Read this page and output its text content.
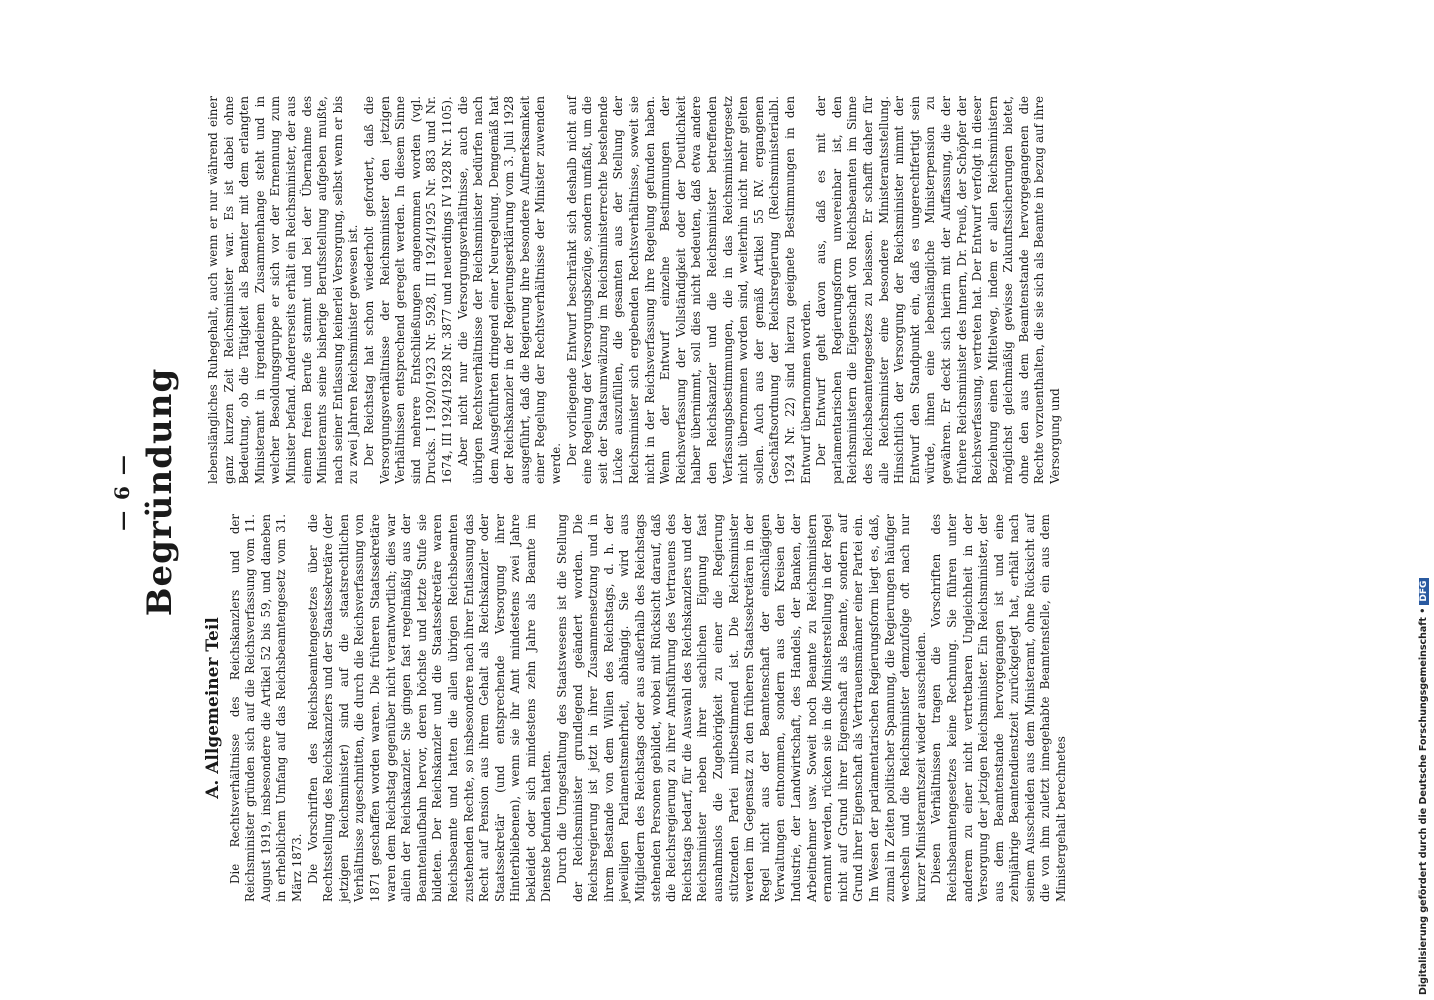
— 6 — Begründung
A. Allgemeiner Teil Die Rechtsverhältnisse des Reichskanzlers und der Reichsminister gründen sich auf die Reichsverfassung vom 11. August 1919, insbesondere die Artikel 52 bis 59, und daneben in erheblichem Umfang auf das Reichsbeamtengesetz vom 31. März 1873. Die Vorschriften des Reichsbeamtengesetzes über die Rechtsstellung des Reichskanzlers und der Staatssekretäre (der jetzigen Reichsminister) sind auf die staatsrechtlichen Verhältnisse zugeschnitten, die durch die Reichsverfassung von 1871 geschaffen worden waren. Die früheren Staatssekretäre waren dem Reichstag gegenüber nicht verantwortlich; dies war allein der Reichskanzler. Sie gingen fast regelmäßig aus der Beamtenlaufbahn hervor, deren höchste und letzte Stufe sie bildeten. Der Reichskanzler und die Staatssekretäre waren Reichsbeamte und hatten die allen übrigen Reichsbeamten zustehenden Rechte, so insbesondere nach ihrer Entlassung das Recht auf Pension aus ihrem Gehalt als Reichskanzler oder Staatssekretär (und entsprechende Versorgung ihrer Hinterbliebenen), wenn sie ihr Amt mindestens zwei Jahre bekleidet oder sich mindestens zehn Jahre als Beamte im Dienste befunden hatten. Durch die Umgestaltung des Staatswesens ist die Stellung der Reichsminister grundlegend geändert worden. Die Reichsregierung ist jetzt in ihrer Zusammensetzung und in ihrem Bestande von dem Willen des Reichstags, d. h. der jeweiligen Parlamentsmehrheit, abhängig. Sie wird aus Mitgliedern des Reichstags oder aus außerhalb des Reichstags stehenden Personen gebildet, wobei mit Rücksicht darauf, daß die Reichsregierung zu ihrer Amtsführung des Vertrauens des Reichstags bedarf, für die Auswahl des Reichskanzlers und der Reichsminister neben ihrer sachlichen Eignung fast ausnahmslos die Zugehörigkeit zu einer die Regierung stützenden Partei mitbestimmend ist. Die Reichsminister werden im Gegensatz zu den früheren Staatssekretären in der Regel nicht aus der Beamtenschaft der einschlägigen Verwaltungen entnommen, sondern aus den Kreisen der Industrie, der Landwirtschaft, des Handels, der Banken, der Arbeitnehmer usw. Soweit noch Beamte zu Reichsministern ernannt werden, rücken sie in die Ministerstellung in der Regel nicht auf Grund ihrer Eigenschaft als Beamte, sondern auf Grund ihrer Eigenschaft als Vertrauensmänner einer Partei ein. Im Wesen der parlamentarischen Regierungsform liegt es, daß, zumal in Zeiten politischer Spannung, die Regierungen häufiger wechseln und die Reichsminister demzufolge oft nach nur kurzer Ministeramtszeit wieder ausscheiden. Diesen Verhältnissen tragen die Vorschriften des Reichsbeamtengesetzes keine Rechnung. Sie führen unter anderem zu einer nicht vertretbaren Ungleichheit in der Versorgung der jetzigen Reichsminister. Ein Reichsminister, der aus dem Beamtenstande hervorgegangen ist und eine zehnjährige Beamtendienstzeit zurückgelegt hat, erhält nach seinem Ausscheiden aus dem Ministeramt, ohne Rücksicht auf die von ihm zuletzt innegehabte Beamtenstelle, ein aus dem Ministergehalt berechnetes

lebenslängliches Ruhegehalt, auch wenn er nur während einer ganz kurzen Zeit Reichsminister war. Es ist dabei ohne Bedeutung, ob die Tätigkeit als Beamter mit dem erlangten Ministeramt in irgendeinem Zusammenhange steht und in welcher Besoldungsgruppe er sich vor der Ernennung zum Minister befand. Andererseits erhält ein Reichsminister, der aus einem freien Berufe stammt und bei der Übernahme des Ministeramts seine bisherige Berufsstellung aufgeben mußte, nach seiner Entlassung keinerlei Versorgung, selbst wenn er bis zu zwei Jahren Reichsminister gewesen ist. Der Reichstag hat schon wiederholt gefordert, daß die Versorgungsverhältnisse der Reichsminister den jetzigen Verhältnissen entsprechend geregelt werden. In diesem Sinne sind mehrere Entschließungen angenommen worden (vgl. Drucks. I 1920/1923 Nr. 5928, III 1924/1925 Nr. 883 und Nr. 1674, III 1924/1928 Nr. 3877 und neuerdings IV 1928 Nr. 1105). Aber nicht nur die Versorgungsverhältnisse, auch die übrigen Rechtsverhältnisse der Reichsminister bedürfen nach dem Ausgeführten dringend einer Neuregelung. Demgemäß hat der Reichskanzler in der Regierungserklärung vom 3. Juli 1928 ausgeführt, daß die Regierung ihre besondere Aufmerksamkeit einer Regelung der Rechtsverhältnisse der Minister zuwenden werde. Der vorliegende Entwurf beschränkt sich deshalb nicht auf eine Regelung der Versorgungsbezüge, sondern umfaßt, um die seit der Staatsumwälzung im Reichsministerrechte bestehende Lücke auszufüllen, die gesamten aus der Stellung der Reichsminister sich ergebenden Rechtsverhältnisse, soweit sie nicht in der Reichsverfassung ihre Regelung gefunden haben. Wenn der Entwurf einzelne Bestimmungen der Reichsverfassung der Vollständigkeit oder der Deutlichkeit halber übernimmt, soll dies nicht bedeuten, daß etwa andere den Reichskanzler und die Reichsminister betreffenden Verfassungsbestimmungen, die in das Reichsministergesetz nicht übernommen worden sind, weiterhin nicht mehr gelten sollen. Auch aus der gemäß Artikel 55 RV. ergangenen Geschäftsordnung der Reichsregierung (Reichsministerialbl. 1924 Nr. 22) sind hierzu geeignete Bestimmungen in den Entwurf übernommen worden. Der Entwurf geht davon aus, daß es mit der parlamentarischen Regierungsform unvereinbar ist, den Reichsministern die Eigenschaft von Reichsbeamten im Sinne des Reichsbeamtengesetzes zu belassen. Er schafft daher für alle Reichsminister eine besondere Ministerantsstellung. Hinsichtlich der Versorgung der Reichsminister nimmt der Entwurf den Standpunkt ein, daß es ungerechtfertigt sein würde, ihnen eine lebenslängliche Ministerpension zu gewähren. Er deckt sich hierin mit der Auffassung, die der frühere Reichsminister des Innern, Dr. Preuß, der Schöpfer der Reichsverfassung, vertreten hat. Der Entwurf verfolgt in dieser Beziehung einen Mittelweg, indem er allen Reichsministern möglichst gleichmäßig gewisse Zukunftssicherungen bietet, ohne den aus dem Beamtenstande hervorgegangenen die Rechte vorzuenthalten, die sie sich als Beamte in bezug auf ihre Versorgung und

Digitalisierung gefördert durch die Deutsche Forschungsgemeinschaft •DFG
